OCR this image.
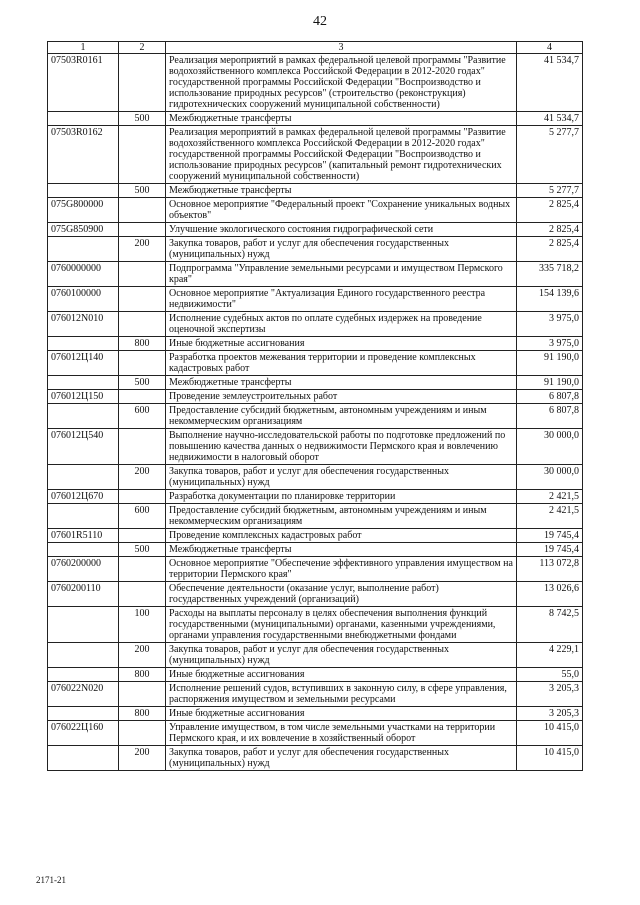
42
1	2	3	4
07503R0161		Реализация мероприятий в рамках федеральной целевой программы "Развитие водохозяйственного комплекса Российской Федерации в 2012-2020 годах" государственной программы Российской Федерации "Воспроизводство и использование природных ресурсов" (строительство (реконструкция) гидротехнических сооружений муниципальной собственности)	41 534,7
	500	Межбюджетные трансферты	41 534,7
07503R0162		Реализация мероприятий в рамках федеральной целевой программы "Развитие водохозяйственного комплекса Российской Федерации в 2012-2020 годах" государственной программы Российской Федерации "Воспроизводство и использование природных ресурсов" (капитальный ремонт гидротехнических сооружений муниципальной собственности)	5 277,7
	500	Межбюджетные трансферты	5 277,7
075G800000		Основное мероприятие "Федеральный проект "Сохранение уникальных водных объектов"	2 825,4
075G850900		Улучшение экологического состояния гидрографической сети	2 825,4
	200	Закупка товаров, работ и услуг для обеспечения государственных (муниципальных) нужд	2 825,4
0760000000		Подпрограмма "Управление земельными ресурсами и имуществом Пермского края"	335 718,2
0760100000		Основное мероприятие "Актуализация Единого государственного реестра недвижимости"	154 139,6
076012N010		Исполнение судебных актов по оплате судебных издержек на проведение оценочной экспертизы	3 975,0
	800	Иные бюджетные ассигнования	3 975,0
076012Ц140		Разработка проектов межевания территории и проведение комплексных кадастровых работ	91 190,0
	500	Межбюджетные трансферты	91 190,0
076012Ц150		Проведение землеустроительных работ	6 807,8
	600	Предоставление субсидий бюджетным, автономным учреждениям и иным некоммерческим организациям	6 807,8
076012Ц540		Выполнение научно-исследовательской работы по подготовке предложений по повышению качества данных о недвижимости Пермского края и вовлечению недвижимости в налоговый оборот	30 000,0
	200	Закупка товаров, работ и услуг для обеспечения государственных (муниципальных) нужд	30 000,0
076012Ц670		Разработка документации по планировке территории	2 421,5
	600	Предоставление субсидий бюджетным, автономным учреждениям и иным некоммерческим организациям	2 421,5
07601R5110		Проведение комплексных кадастровых работ	19 745,4
	500	Межбюджетные трансферты	19 745,4
0760200000		Основное мероприятие "Обеспечение эффективного управления имуществом на территории Пермского края"	113 072,8
0760200110		Обеспечение деятельности (оказание услуг, выполнение работ) государственных учреждений (организаций)	13 026,6
	100	Расходы на выплаты персоналу в целях обеспечения выполнения функций государственными (муниципальными) органами, казенными учреждениями, органами управления государственными внебюджетными фондами	8 742,5
	200	Закупка товаров, работ и услуг для обеспечения государственных (муниципальных) нужд	4 229,1
	800	Иные бюджетные ассигнования	55,0
076022N020		Исполнение решений судов, вступивших в законную силу, в сфере управления, распоряжения имуществом и земельными ресурсами	3 205,3
	800	Иные бюджетные ассигнования	3 205,3
076022Ц160		Управление имуществом, в том числе земельными участками на территории Пермского края, и их вовлечение в хозяйственный оборот	10 415,0
	200	Закупка товаров, работ и услуг для обеспечения государственных (муниципальных) нужд	10 415,0
2171-21
